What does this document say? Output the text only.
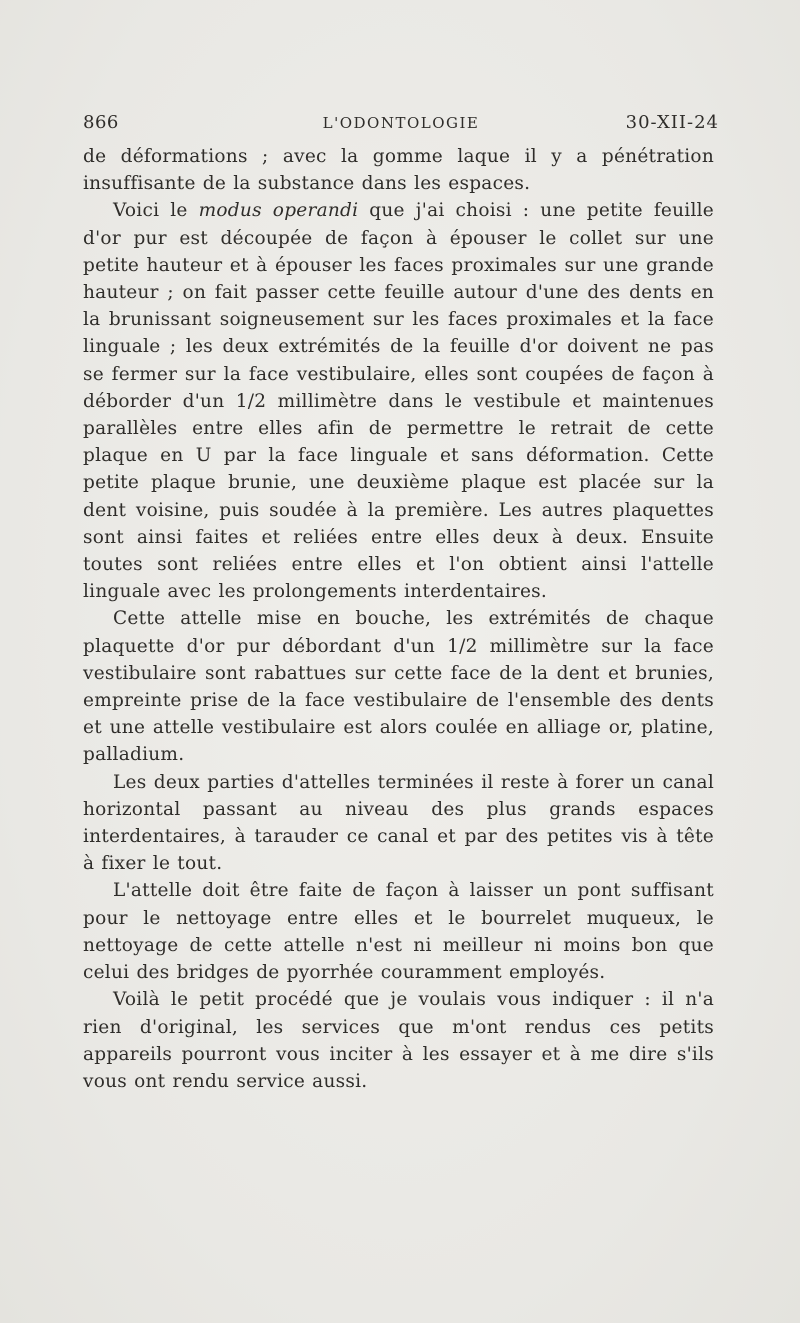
866	L'ODONTOLOGIE	30-XII-24

de déformations ; avec la gomme laque il y a pénétration insuffisante de la substance dans les espaces.

Voici le modus operandi que j'ai choisi : une petite feuille d'or pur est découpée de façon à épouser le collet sur une petite hauteur et à épouser les faces proximales sur une grande hauteur ; on fait passer cette feuille autour d'une des dents en la brunissant soigneusement sur les faces proximales et la face linguale ; les deux extrémités de la feuille d'or doivent ne pas se fermer sur la face vestibulaire, elles sont coupées de façon à déborder d'un 1/2 millimètre dans le vestibule et maintenues parallèles entre elles afin de permettre le retrait de cette plaque en U par la face linguale et sans déformation. Cette petite plaque brunie, une deuxième plaque est placée sur la dent voisine, puis soudée à la première. Les autres plaquettes sont ainsi faites et reliées entre elles deux à deux. Ensuite toutes sont reliées entre elles et l'on obtient ainsi l'attelle linguale avec les prolongements interdentaires.

Cette attelle mise en bouche, les extrémités de chaque plaquette d'or pur débordant d'un 1/2 millimètre sur la face vestibulaire sont rabattues sur cette face de la dent et brunies, empreinte prise de la face vestibulaire de l'ensemble des dents et une attelle vestibulaire est alors coulée en alliage or, platine, palladium.

Les deux parties d'attelles terminées il reste à forer un canal horizontal passant au niveau des plus grands espaces interdentaires, à tarauder ce canal et par des petites vis à tête à fixer le tout.

L'attelle doit être faite de façon à laisser un pont suffisant pour le nettoyage entre elles et le bourrelet muqueux, le nettoyage de cette attelle n'est ni meilleur ni moins bon que celui des bridges de pyorrhée couramment employés.

Voilà le petit procédé que je voulais vous indiquer : il n'a rien d'original, les services que m'ont rendus ces petits appareils pourront vous inciter à les essayer et à me dire s'ils vous ont rendu service aussi.
